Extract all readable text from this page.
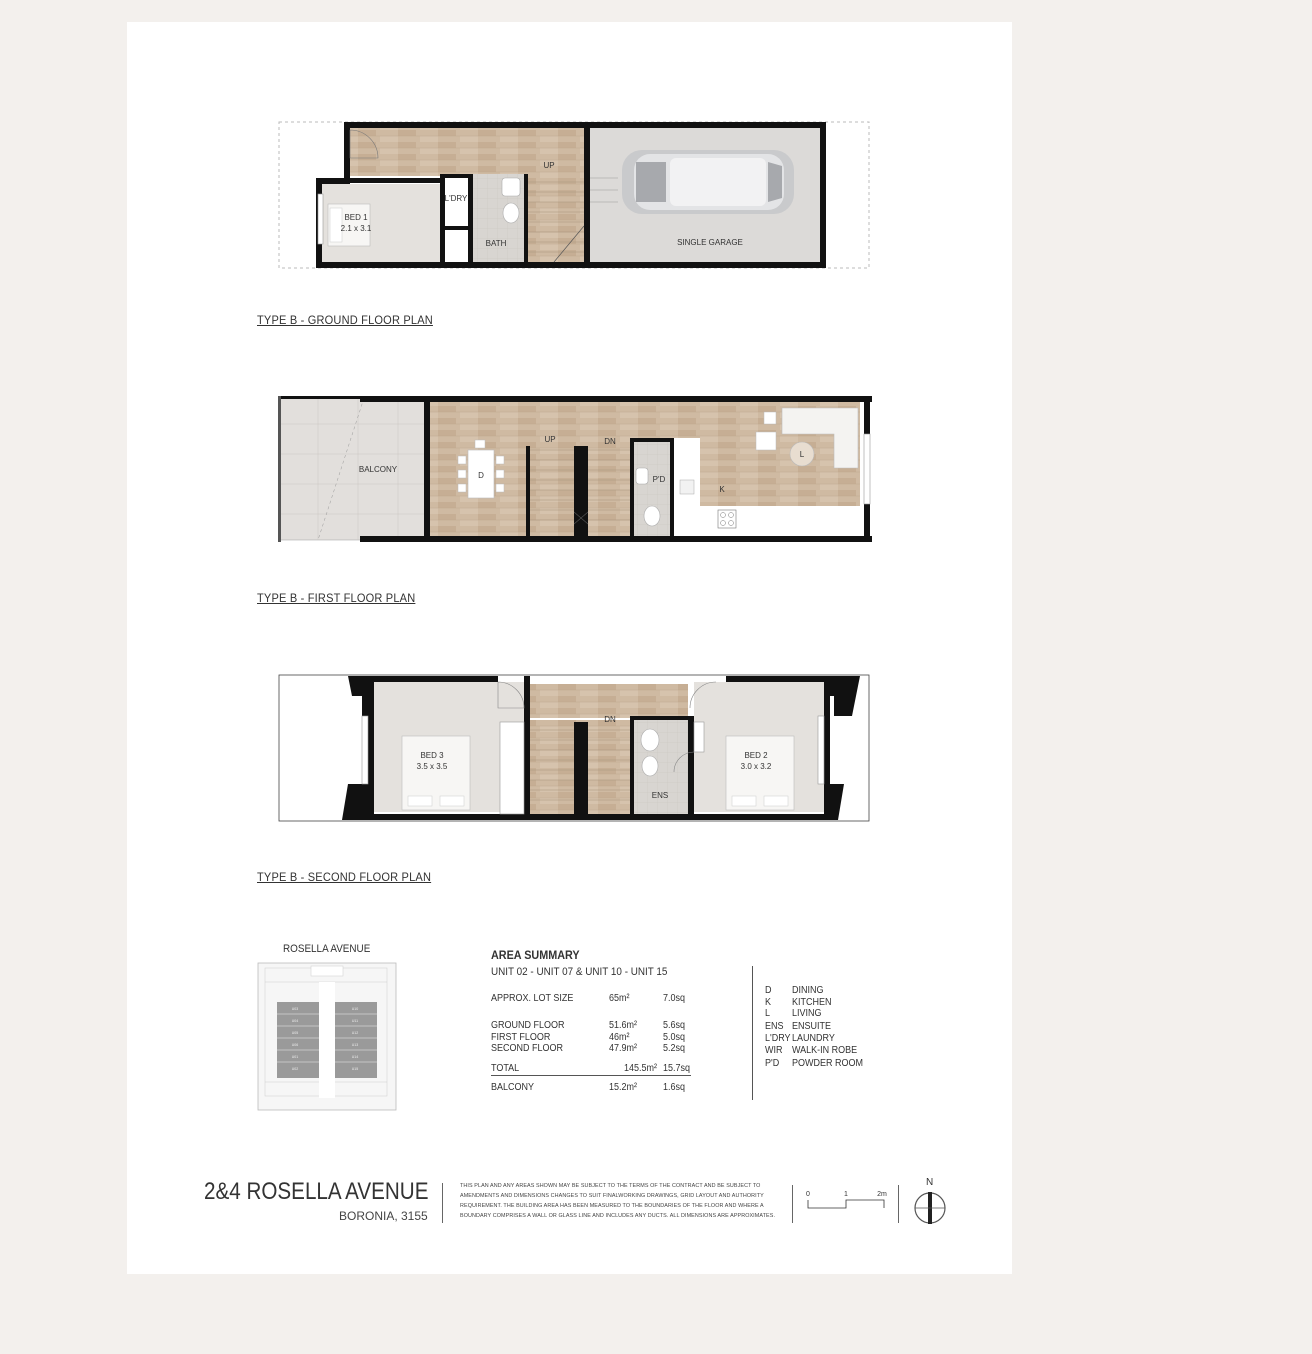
BED 1
2.1 x 3.1
L'DRY
BATH
UP
SINGLE GARAGE
TYPE B - GROUND FLOOR PLAN
BALCONY
D
UP	DN
P'D
K
L
TYPE B - FIRST FLOOR PLAN
BED 3
3.5 x 3.5
DN
ENS
BED 2
3.0 x 3.2
TYPE B - SECOND FLOOR PLAN
ROSELLA AVENUE
U03
U04
U05
U06
U01
U02
U10
U11
U12
U13
U14
U15
AREA SUMMARY
UNIT 02 - UNIT 07 & UNIT 10 - UNIT 15
APPROX. LOT SIZE	65m²	7.0sq
GROUND FLOOR	51.6m²	5.6sq
FIRST FLOOR	46m²	5.0sq
SECOND FLOOR	47.9m²	5.2sq
TOTAL	145.5m² 15.7sq
BALCONY	15.2m²	1.6sq
D DINING
K KITCHEN
L LIVING
ENS ENSUITE
L'DRY LAUNDRY
WIR WALK-IN ROBE
P'D POWDER ROOM
2&4 ROSELLA AVENUE
BORONIA, 3155
THIS PLAN AND ANY AREAS SHOWN MAY BE SUBJECT TO THE TERMS OF THE CONTRACT AND BE SUBJECT TO AMENDMENTS AND DIMENSIONS CHANGES TO SUIT FINALWORKING DRAWINGS, GRID LAYOUT AND AUTHORITY REQUIREMENT. THE BUILDING AREA HAS BEEN MEASURED TO THE BOUNDARIES OF THE FLOOR AND WHERE A BOUNDARY COMPRISES A WALL OR GLASS LINE AND INCLUDES ANY DUCTS. ALL DIMENSIONS ARE APPROXIMATES.
0	1	2m
N
